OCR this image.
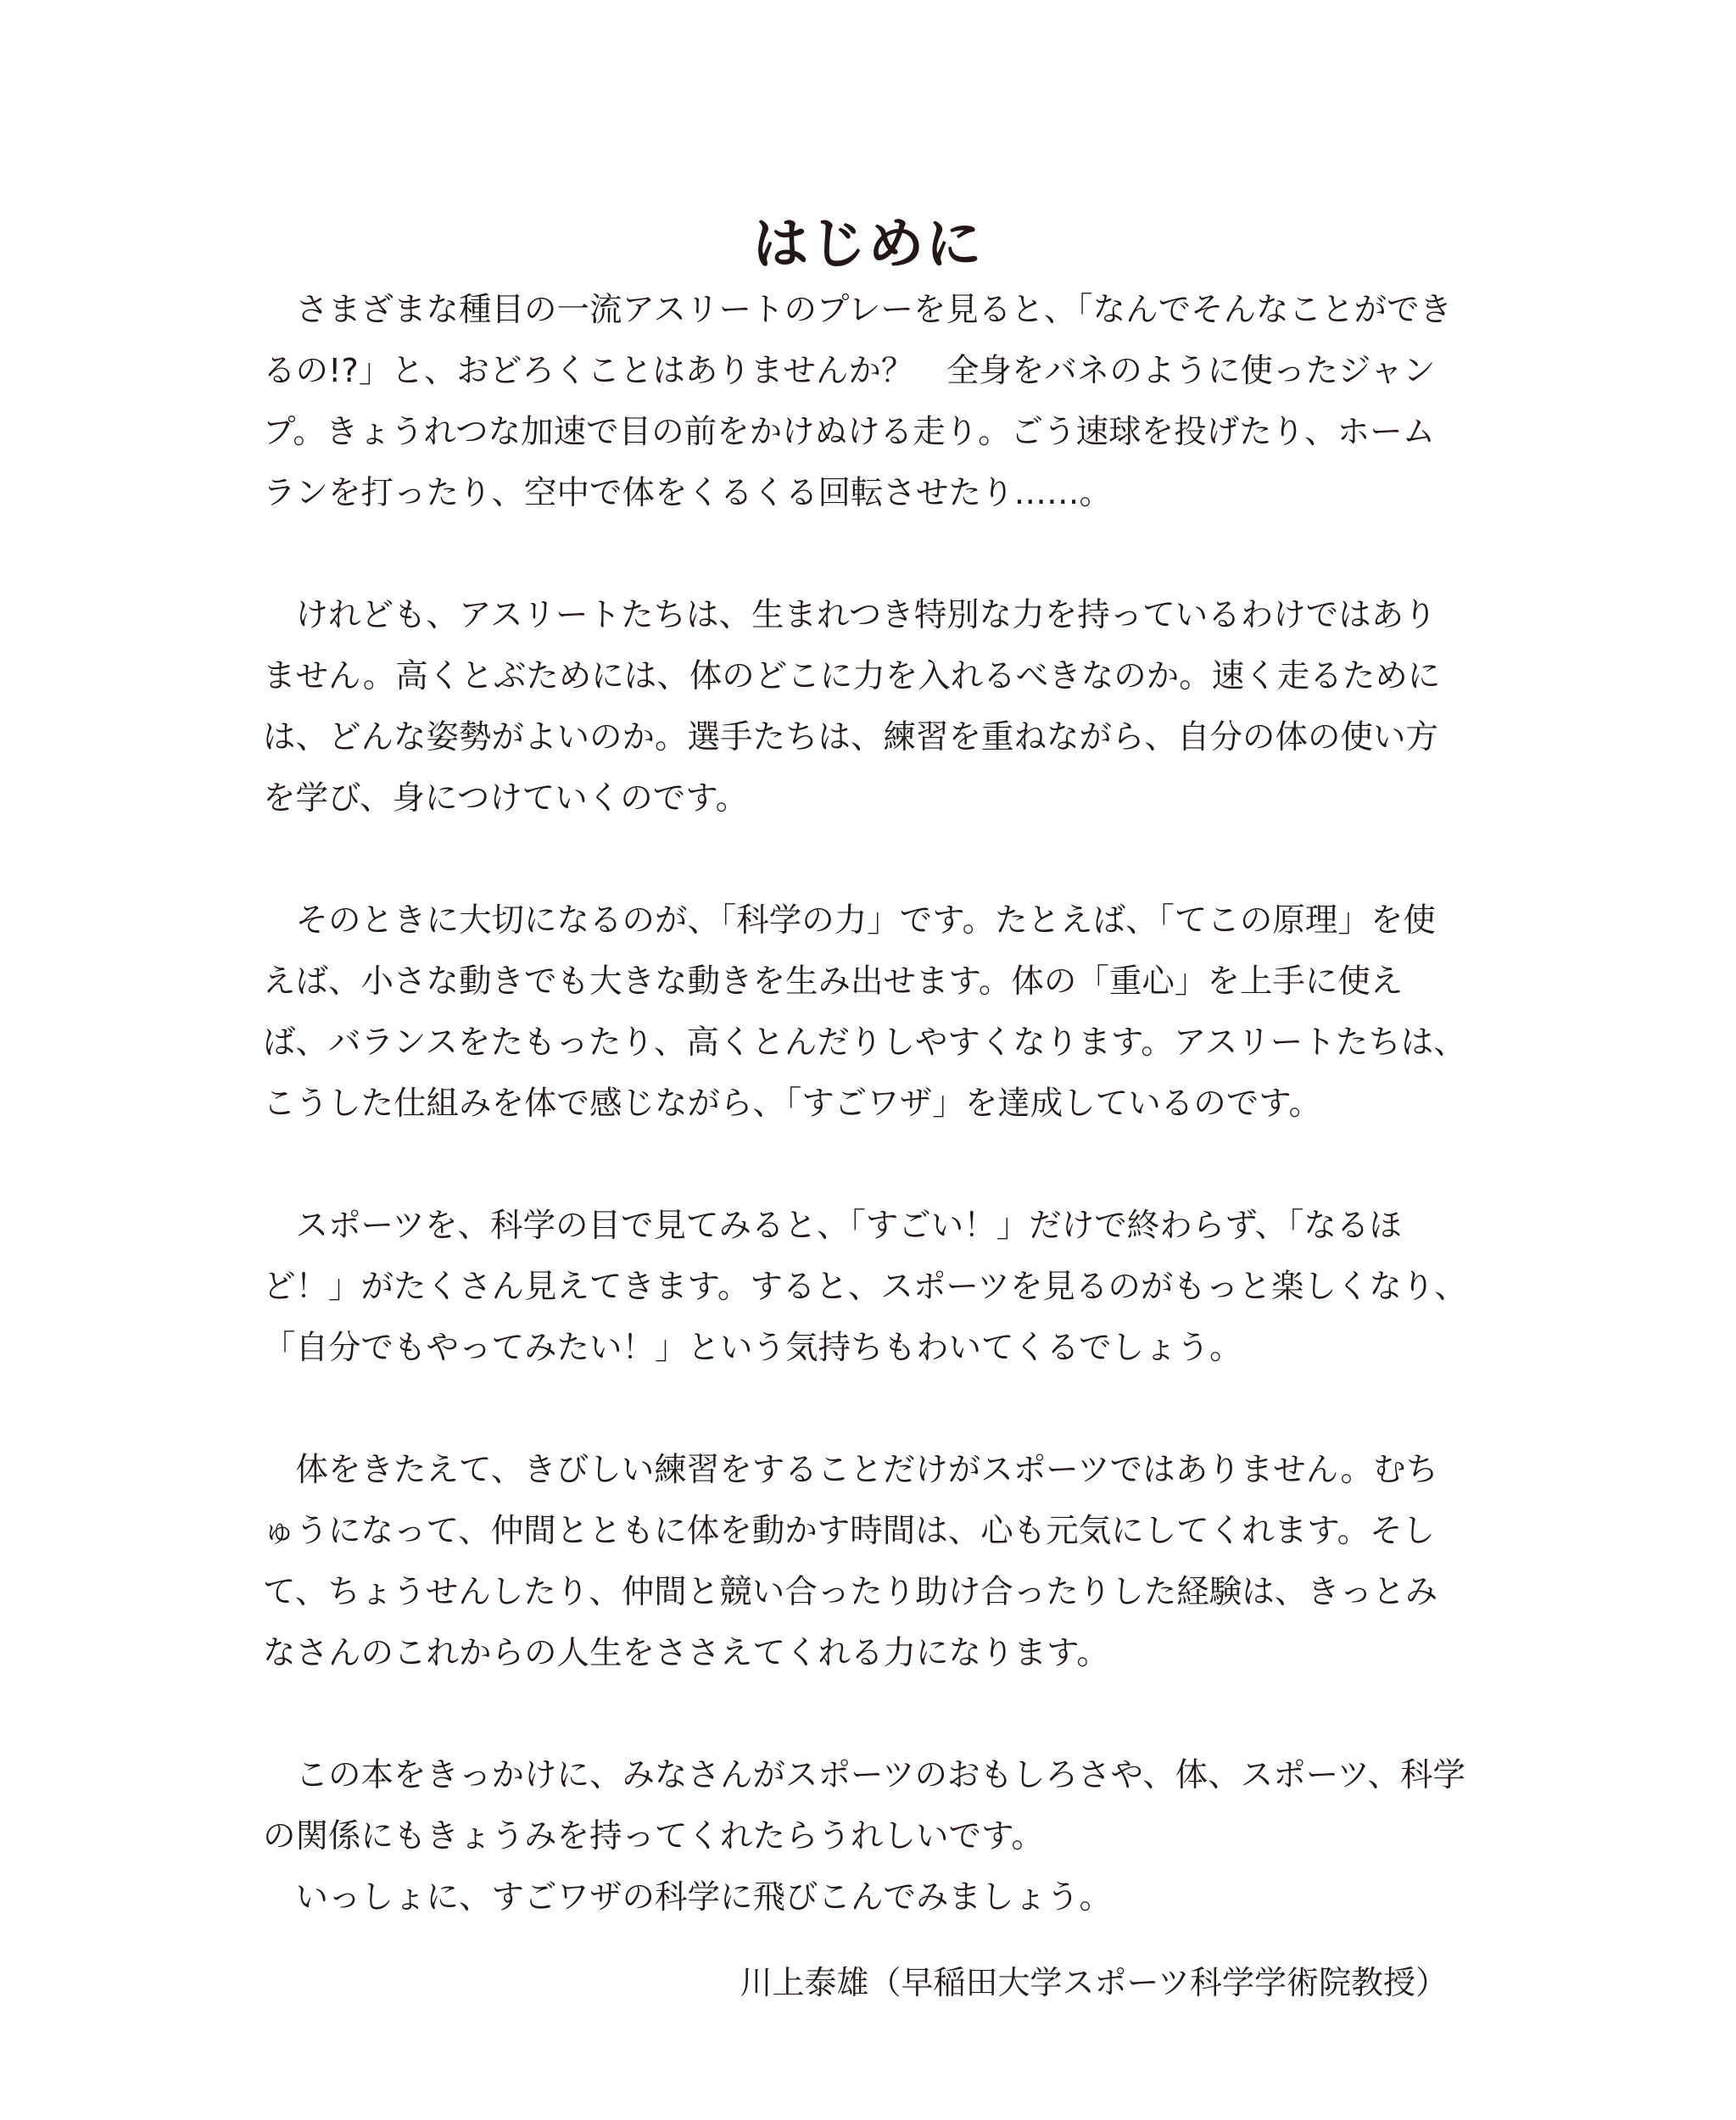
はじめに

さまざまな種目の一流アスリートのプレーを見ると、「なんでそんなことができるの!?」と、おどろくことはありませんか？　全身をバネのように使ったジャンプ。きょうれつな加速で目の前をかけぬける走り。ごう速球を投げたり、ホームランを打ったり、空中で体をくるくる回転させたり……。

けれども、アスリートたちは、生まれつき特別な力を持っているわけではありません。高くとぶためには、体のどこに力を入れるべきなのか。速く走るためには、どんな姿勢がよいのか。選手たちは、練習を重ねながら、自分の体の使い方を学び、身につけていくのです。

そのときに大切になるのが、「科学の力」です。たとえば、「てこの原理」を使えば、小さな動きでも大きな動きを生み出せます。体の「重心」を上手に使えば、バランスをたもったり、高くとんだりしやすくなります。アスリートたちは、こうした仕組みを体で感じながら、「すごワザ」を達成しているのです。

スポーツを、科学の目で見てみると、「すごい！」だけで終わらず、「なるほど！」がたくさん見えてきます。すると、スポーツを見るのがもっと楽しくなり、「自分でもやってみたい！」という気持ちもわいてくるでしょう。

体をきたえて、きびしい練習をすることだけがスポーツではありません。むちゅうになって、仲間とともに体を動かす時間は、心も元気にしてくれます。そして、ちょうせんしたり、仲間と競い合ったり助け合ったりした経験は、きっとみなさんのこれからの人生をささえてくれる力になります。

この本をきっかけに、みなさんがスポーツのおもしろさや、体、スポーツ、科学の関係にもきょうみを持ってくれたらうれしいです。

いっしょに、すごワザの科学に飛びこんでみましょう。

川上泰雄（早稲田大学スポーツ科学学術院教授）
